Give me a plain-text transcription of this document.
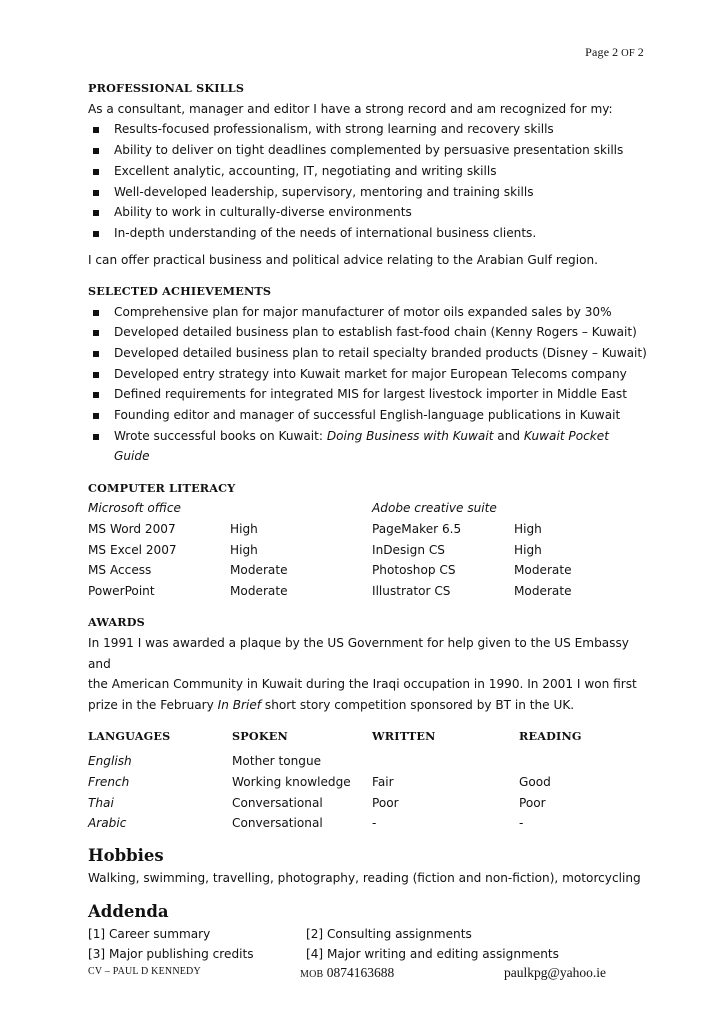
Page 2 OF 2
PROFESSIONAL SKILLS
As a consultant, manager and editor I have a strong record and am recognized for my:
Results-focused professionalism, with strong learning and recovery skills
Ability to deliver on tight deadlines complemented by persuasive presentation skills
Excellent analytic, accounting, IT, negotiating and writing skills
Well-developed leadership, supervisory, mentoring and training skills
Ability to work in culturally-diverse environments
In-depth understanding of the needs of international business clients.
I can offer practical business and political advice relating to the Arabian Gulf region.
SELECTED ACHIEVEMENTS
Comprehensive plan for major manufacturer of motor oils expanded sales by 30%
Developed detailed business plan to establish fast-food chain (Kenny Rogers – Kuwait)
Developed detailed business plan to retail specialty branded products (Disney – Kuwait)
Developed entry strategy into Kuwait market for major European Telecoms company
Defined requirements for integrated MIS for largest livestock importer in Middle East
Founding editor and manager of successful English-language publications in Kuwait
Wrote successful books on Kuwait: Doing Business with Kuwait and Kuwait Pocket Guide
COMPUTER LITERACY
Microsoft office	Adobe creative suite
MS Word 2007	High	PageMaker 6.5	High
MS Excel 2007	High	InDesign CS	High
MS Access	Moderate	Photoshop CS	Moderate
PowerPoint	Moderate	Illustrator CS	Moderate
AWARDS
In 1991 I was awarded a plaque by the US Government for help given to the US Embassy and
the American Community in Kuwait during the Iraqi occupation in 1990. In 2001 I won first
prize in the February In Brief short story competition sponsored by BT in the UK.
LANGUAGES	SPOKEN	WRITTEN	READING
English	Mother tongue
French	Working knowledge	Fair	Good
Thai	Conversational	Poor	Poor
Arabic	Conversational	-	-
Hobbies
Walking, swimming, travelling, photography, reading (fiction and non-fiction), motorcycling
Addenda
[1] Career summary	[2] Consulting assignments
[3] Major publishing credits	[4] Major writing and editing assignments
CV – PAUL D KENNEDY	MOB 0874163688	paulkpg@yahoo.ie
